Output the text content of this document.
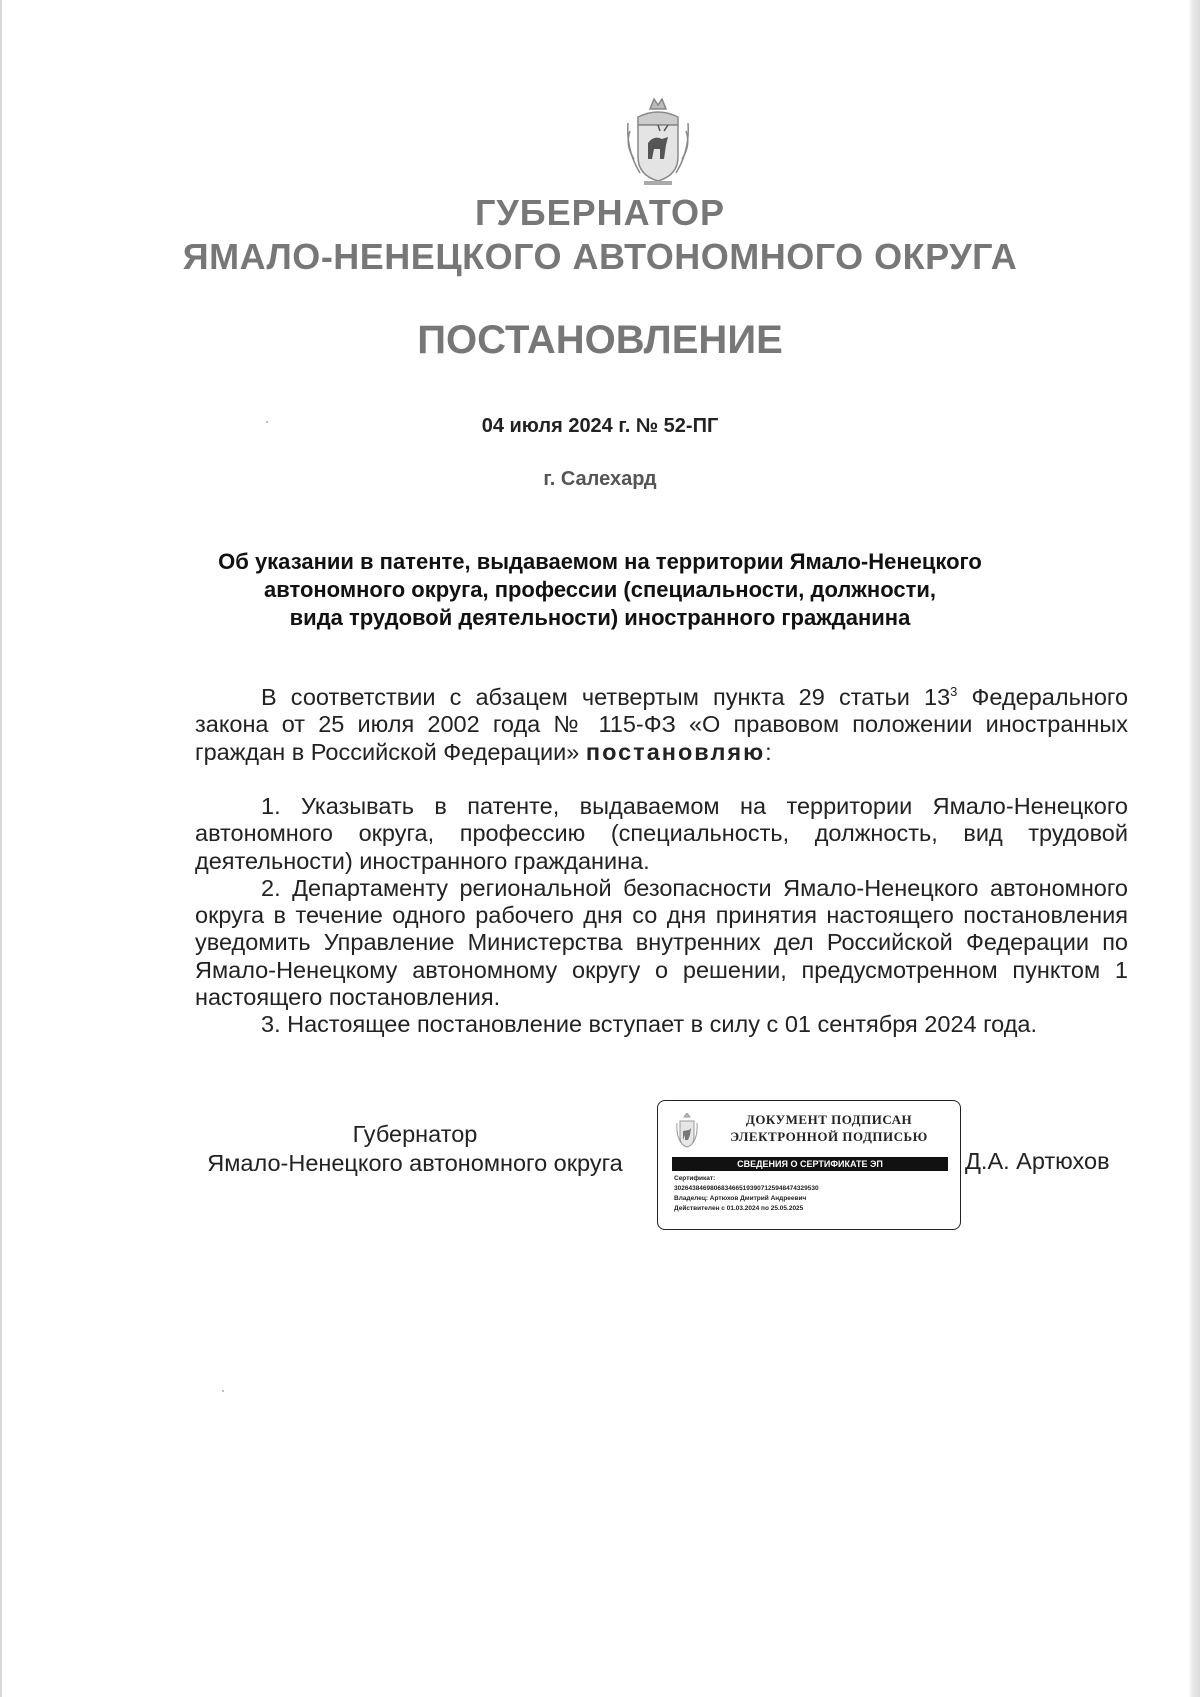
ГУБЕРНАТОР
ЯМАЛО-НЕНЕЦКОГО АВТОНОМНОГО ОКРУГА
ПОСТАНОВЛЕНИЕ
04 июля 2024 г. № 52-ПГ
г. Салехард
Об указании в патенте, выдаваемом на территории Ямало-Ненецкого
автономного округа, профессии (специальности, должности,
вида трудовой деятельности) иностранного гражданина

В соответствии с абзацем четвертым пункта 29 статьи $13^3$ Федерального закона от 25 июля 2002 года № 115-ФЗ «О правовом положении иностранных граждан в Российской Федерации» постановляю:

1. Указывать в патенте, выдаваемом на территории Ямало-Ненецкого автономного округа, профессию (специальность, должность, вид трудовой деятельности) иностранного гражданина.

2. Департаменту региональной безопасности Ямало-Ненецкого автономного округа в течение одного рабочего дня со дня принятия настоящего постановления уведомить Управление Министерства внутренних дел Российской Федерации по Ямало-Ненецкому автономному округу о решении, предусмотренном пунктом 1 настоящего постановления.

3. Настоящее постановление вступает в силу с 01 сентября 2024 года.

Губернатор
Ямало-Ненецкого автономного округа
ДОКУМЕНТ ПОДПИСАН
ЭЛЕКТРОННОЙ ПОДПИСЬЮ
СВЕДЕНИЯ О СЕРТИФИКАТЕ ЭП
Сертификат:
3026438469806834665193907125948474329530
Владелец: Артюхов Дмитрий Андреевич
Действителен с 01.03.2024 по 25.05.2025
Д.А. Артюхов
